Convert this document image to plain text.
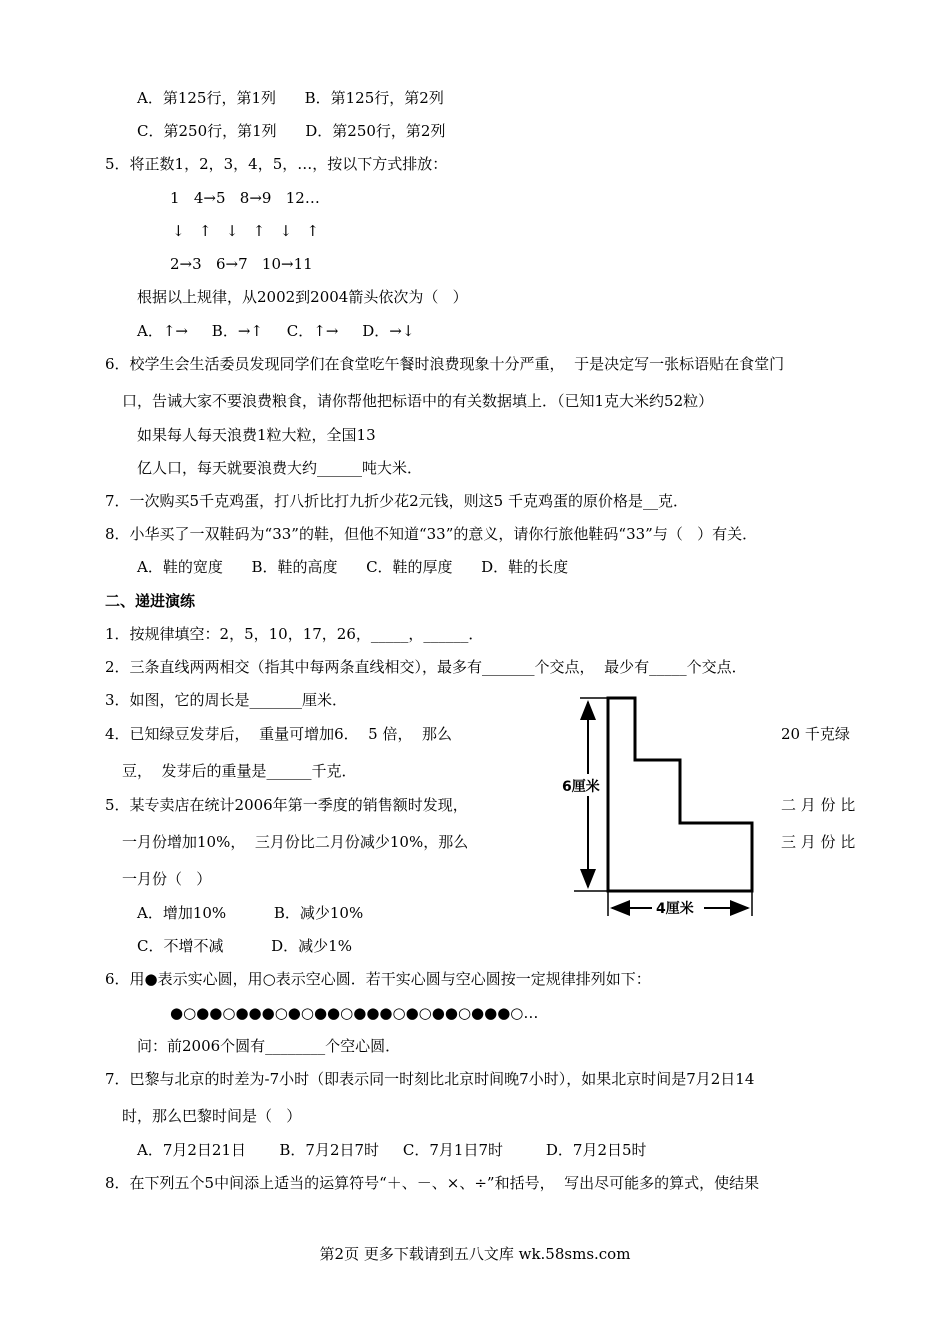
A．第125行，第1列      B．第125行，第2列
C．第250行，第1列      D．第250行，第2列
5．将正数1，2，3，4，5，…，按以下方式排放：
1   4→5   8→9   12…
↓   ↑   ↓   ↑   ↓   ↑
2→3   6→7   10→11
根据以上规律，从2002到2004箭头依次为（   ）
A．↑→     B．→↑     C．↑→     D．→↓
6．校学生会生活委员发现同学们在食堂吃午餐时浪费现象十分严重，  于是决定写一张标语贴在食堂门
口，告诫大家不要浪费粮食，请你帮他把标语中的有关数据填上．（已知1克大米约52粒）
如果每人每天浪费1粒大粒，全国13
亿人口，每天就要浪费大约______吨大米．
7．一次购买5千克鸡蛋，打八折比打九折少花2元钱，则这5 千克鸡蛋的原价格是__克．
8．小华买了一双鞋码为“33”的鞋，但他不知道“33”的意义，请你行旅他鞋码“33”与（   ）有关．
A．鞋的宽度      B．鞋的高度      C．鞋的厚度      D．鞋的长度
二、递进演练
1．按规律填空：2，5，10，17，26，_____，______．
2．三条直线两两相交（指其中每两条直线相交），最多有_______个交点，  最少有_____个交点．
3．如图，它的周长是_______厘米．
4．已知绿豆发芽后，  重量可增加6．  5 倍，  那么	20 千克绿
豆，  发芽后的重量是______千克．
5．某专卖店在统计2006年第一季度的销售额时发现，	二 月 份 比
一月份增加10%，  三月份比二月份减少10%，那么	三 月 份 比
一月份（   ）
A．增加10%          B．减少10%
C．不增不减          D．减少1%
6．用●表示实心圆，用○表示空心圆．若干实心圆与空心圆按一定规律排列如下：
●○●●○●●●○●○●●○●●●○●○●●○●●●○…
问：前2006个圆有________个空心圆．
7．巴黎与北京的时差为-7小时（即表示同一时刻比北京时间晚7小时），如果北京时间是7月2日14
时，那么巴黎时间是（   ）
A．7月2日21日       B．7月2日7时     C．7月1日7时         D．7月2日5时
8．在下列五个5中间添上适当的运算符号“＋、－、×、÷”和括号，  写出尽可能多的算式，使结果
6厘米
4厘米
第2页 更多下载请到五八文库 wk.58sms.com
